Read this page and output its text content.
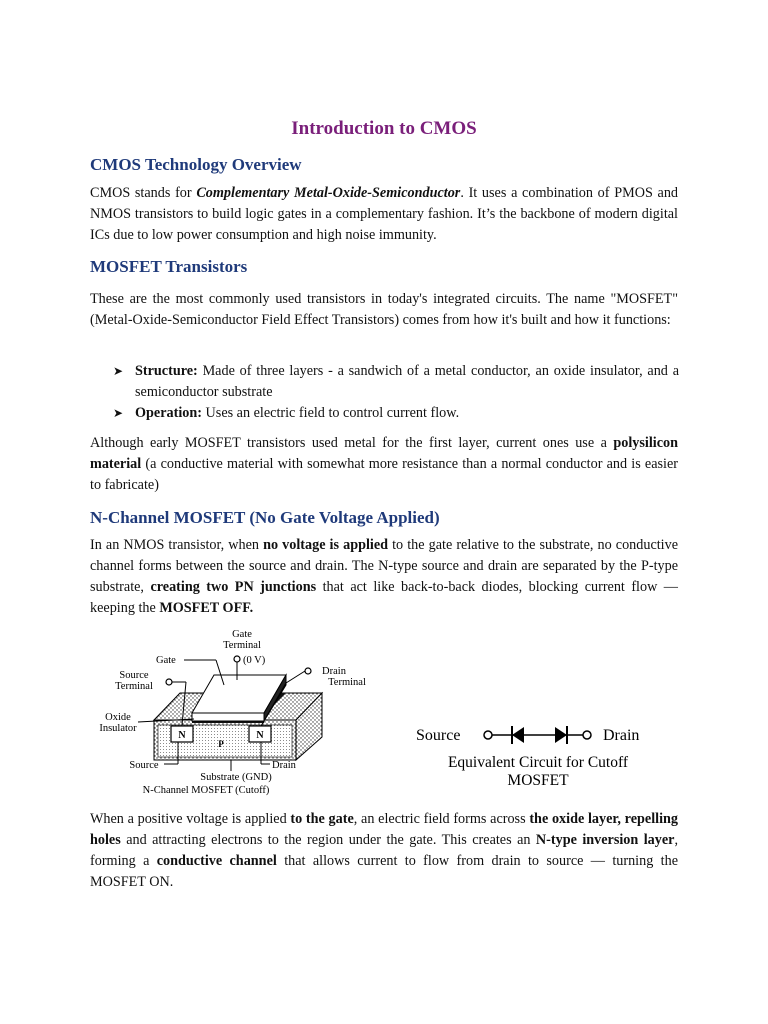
Introduction to CMOS
CMOS Technology Overview

CMOS stands for Complementary Metal-Oxide-Semiconductor. It uses a combination of PMOS and NMOS transistors to build logic gates in a complementary fashion. It’s the backbone of modern digital ICs due to low power consumption and high noise immunity.

MOSFET Transistors

These are the most commonly used transistors in today's integrated circuits. The name "MOSFET"(Metal-Oxide-Semiconductor Field Effect Transistors) comes from how it's built and how it functions:

➤ Structure: Made of three layers - a sandwich of a metal conductor, an oxide insulator, and a semiconductor substrate
➤ Operation: Uses an electric field to control current flow.

Although early MOSFET transistors used metal for the first layer, current ones use a polysilicon material (a conductive material with somewhat more resistance than a normal conductor and is easier to fabricate)

N-Channel MOSFET (No Gate Voltage Applied)

In an NMOS transistor, when no voltage is applied to the gate relative to the substrate, no conductive channel forms between the source and drain. The N-type source and drain are separated by the P-type substrate, creating two PN junctions that act like back-to-back diodes, blocking current flow — keeping the MOSFET OFF.

Gate
Terminal
(0 V)
Gate
Source
Terminal
Drain
Terminal
Oxide
Insulator
N
P
N
Source	Drain
Substrate (GND)
N-Channel MOSFET (Cutoff)
Source	Drain
Equivalent Circuit for Cutoff
MOSFET

When a positive voltage is applied to the gate, an electric field forms across the oxide layer, repelling holes and attracting electrons to the region under the gate. This creates an N-type inversion layer, forming a conductive channel that allows current to flow from drain to source — turning the MOSFET ON.
